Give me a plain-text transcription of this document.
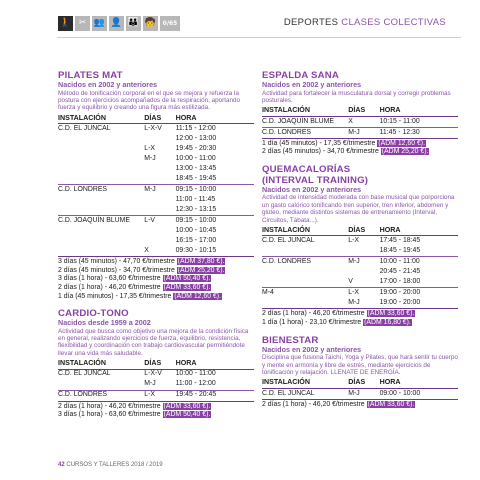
🚶 ✂ 👥 👤 👪 🧒	0/65	DEPORTES CLASES COLECTIVAS
PILATES MAT
Nacidos en 2002 y anteriores
Método de tonificación corporal en el que se mejora y refuerza la postura con ejercicios acompañados de la respiración, aportando fuerza y equilibrio y creando una figura más estilizada.
INSTALACIÓN	DÍAS	HORA
C.D. EL JUNCAL	L-X-V	11:15 - 12:00
		12:00 - 13:00
	L-X	19:45 - 20:30
	M-J	10:00 - 11:00
		13:00 - 13:45
		18:45 - 19:45
C.D. LONDRES	M-J	09:15 - 10:00
		11:00 - 11:45
		12:30 - 13:15
C.D. JOAQUÍN BLUME	L-V	09:15 - 10:00
		10:00 - 10:45
		16:15 - 17:00
	X	09:30 - 10:15
3 días (45 minutos) - 47,70 €/trimestre (ADM 37,80 €).
2 días (45 minutos) - 34,70 €/trimestre (ADM 25,20 €).
3 días (1 hora) - 63,60 €/trimestre (ADM 50,40 €).
2 días (1 hora) - 46,20 €/trimestre (ADM 33,60 €).
1 día (45 minutos) - 17,35 €/trimestre (ADM 12,60 €).
CARDIO-TONO
Nacidos desde 1959 a 2002
Actividad que busca como objetivo una mejora de la condición física en general, realizando ejercicios de fuerza, equilibrio, resistencia, flexibilidad y coordinación con trabajo cardiovascular permitiéndote llevar una vida más saludable.
INSTALACIÓN	DÍAS	HORA
C.D. EL JUNCAL	L-X-V	10:00 - 11:00
	M-J	11:00 - 12:00
C.D. LONDRES	L-X	19:45 - 20:45
2 días (1 hora) - 46,20 €/trimestre (ADM 33,60 €).
3 días (1 hora) - 63,60 €/trimestre (ADM 50,40 €).
ESPALDA SANA
Nacidos en 2002 y anteriores
Actividad para fortalecer la musculatura dorsal y corregir problemas posturales.
INSTALACIÓN	DÍAS	HORA
C.D. JOAQUÍN BLUME	X	10:15 - 11:00
C.D. LONDRES	M-J	11:45 - 12:30
1 día (45 minutos) - 17,35 €/trimestre (ADM 12,60 €).
2 días (45 minutos) - 34,70 €/trimestre (ADM 25,20 €).
QUEMACALORÍAS
(INTERVAL TRAINING)
Nacidos en 2002 y anteriores
Actividad de intensidad moderada con base musical que porporciona un gasto calórico tonificando tren superior, tren inferior, abdomen y glúteo, mediante distintos sistemas de entrenamiento (Interval, Circuitos, Tábata...).
INSTALACIÓN	DÍAS	HORA
C.D. EL JUNCAL	L-X	17:45 - 18:45
		18:45 - 19:45
C.D. LONDRES	M-J	10:00 - 11:00
		20:45 - 21:45
	V	17:00 - 18:00
M-4	L-X	19:00 - 20:00
	M-J	19:00 - 20:00
2 días (1 hora) - 46,20 €/trimestre (ADM 33,60 €).
1 día (1 hora) - 23,10 €/trimestre (ADM 16,80 €).
BIENESTAR
Nacidos en 2002 y anteriores
Disciplina que fusiona Taichí, Yoga y Pilates, que hará sentir tu cuerpo y mente en armonía y libre de estrés, mediante ejercicios de tonificación y relajación. LLENATE DE ENERGÍA.
INSTALACIÓN	DÍAS	HORA
C.D. EL JUNCAL	M-J	09:00 - 10:00
2 días (1 hora) - 46,20 €/trimestre (ADM 33,60 €).
42 CURSOS Y TALLERES 2018 / 2019
